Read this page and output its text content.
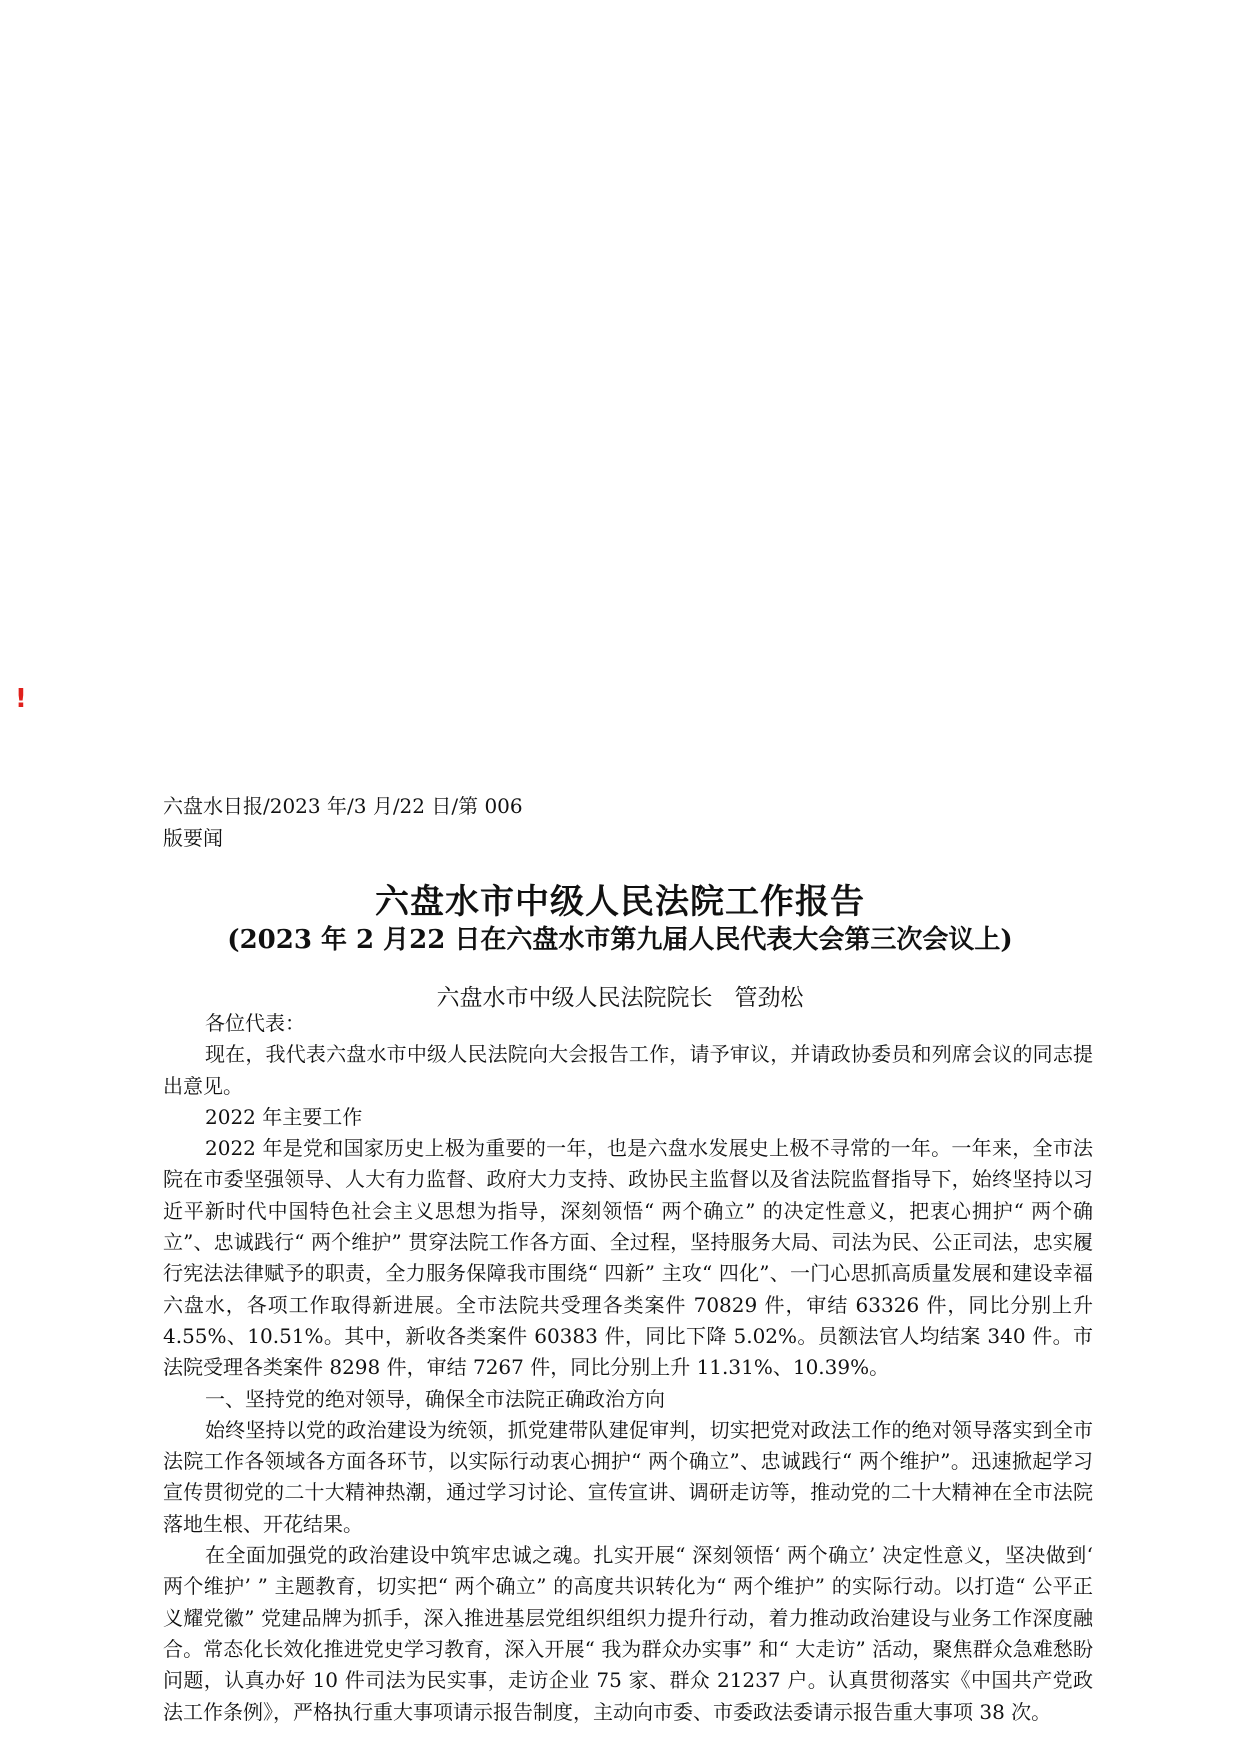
!
六盘水日报/2023 年/3 月/22 日/第 006
版要闻
六盘水市中级人民法院工作报告
(2023 年 2 月22 日在六盘水市第九届人民代表大会第三次会议上)
六盘水市中级人民法院院长 管劲松

各位代表：

现在，我代表六盘水市中级人民法院向大会报告工作，请予审议，并请政协委员和列席会议的同志提出意见。

2022 年主要工作

2022 年是党和国家历史上极为重要的一年，也是六盘水发展史上极不寻常的一年。一年来，全市法院在市委坚强领导、人大有力监督、政府大力支持、政协民主监督以及省法院监督指导下，始终坚持以习近平新时代中国特色社会主义思想为指导，深刻领悟“ 两个确立” 的决定性意义，把衷心拥护“ 两个确立”、忠诚践行“ 两个维护” 贯穿法院工作各方面、全过程，坚持服务大局、司法为民、公正司法，忠实履行宪法法律赋予的职责，全力服务保障我市围绕“ 四新” 主攻“ 四化”、一门心思抓高质量发展和建设幸福六盘水，各项工作取得新进展。全市法院共受理各类案件 70829 件，审结 63326 件，同比分别上升 4.55%、10.51%。其中，新收各类案件 60383 件，同比下降 5.02%。员额法官人均结案 340 件。市法院受理各类案件 8298 件，审结 7267 件，同比分别上升 11.31%、10.39%。

一、坚持党的绝对领导，确保全市法院正确政治方向

始终坚持以党的政治建设为统领，抓党建带队建促审判，切实把党对政法工作的绝对领导落实到全市法院工作各领域各方面各环节，以实际行动衷心拥护“ 两个确立”、忠诚践行“ 两个维护”。迅速掀起学习宣传贯彻党的二十大精神热潮，通过学习讨论、宣传宣讲、调研走访等，推动党的二十大精神在全市法院落地生根、开花结果。

在全面加强党的政治建设中筑牢忠诚之魂。扎实开展“ 深刻领悟‘ 两个确立’ 决定性意义，坚决做到‘ 两个维护’ ” 主题教育，切实把“ 两个确立” 的高度共识转化为“ 两个维护” 的实际行动。以打造“ 公平正义耀党徽” 党建品牌为抓手，深入推进基层党组织组织力提升行动，着力推动政治建设与业务工作深度融合。常态化长效化推进党史学习教育，深入开展“ 我为群众办实事” 和“ 大走访” 活动，聚焦群众急难愁盼问题，认真办好 10 件司法为民实事，走访企业 75 家、群众 21237 户。认真贯彻落实《中国共产党政法工作条例》，严格执行重大事项请示报告制度，主动向市委、市委政法委请示报告重大事项 38 次。
